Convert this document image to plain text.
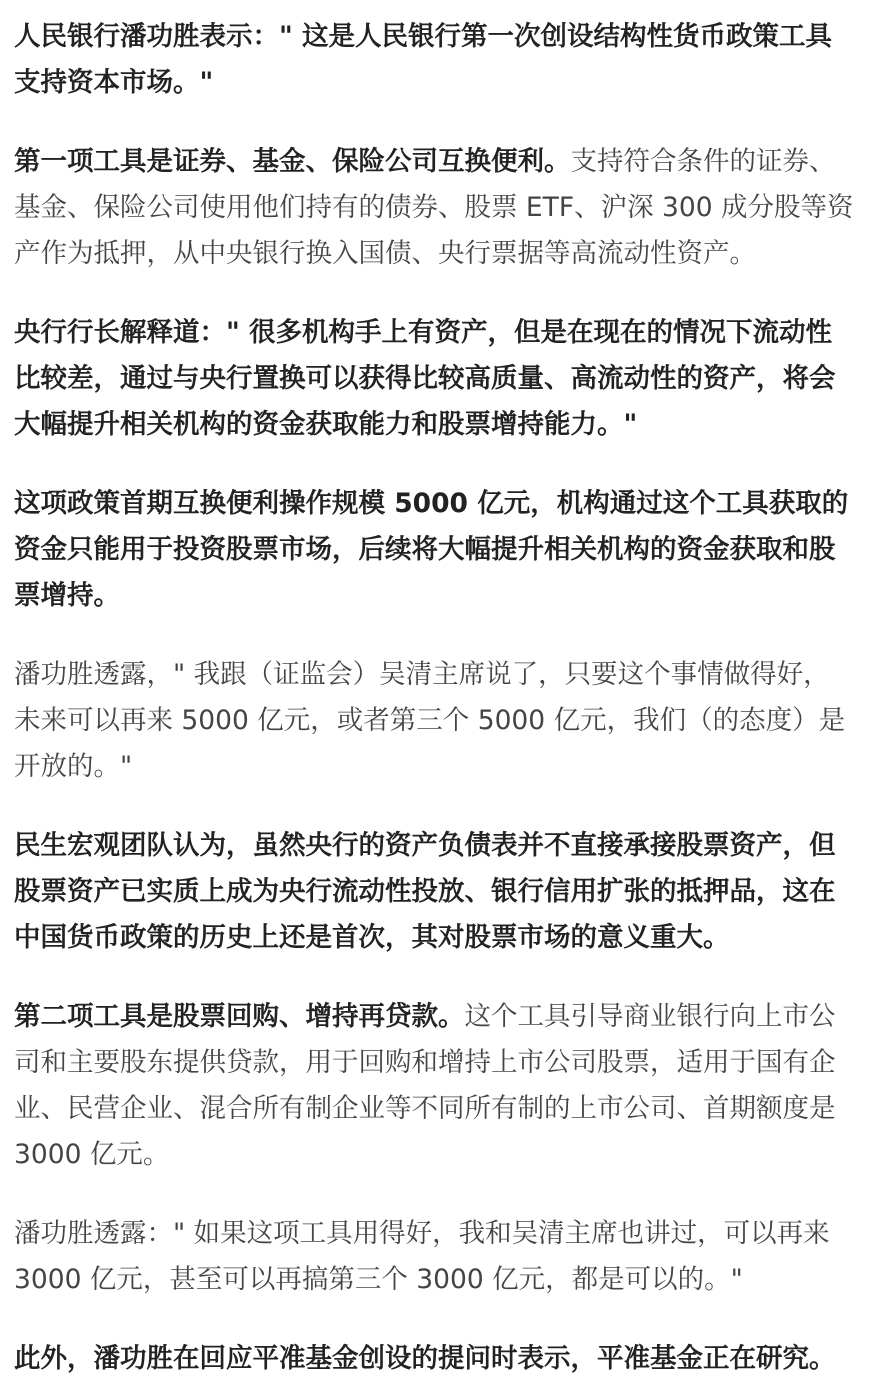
人民银行潘功胜表示：" 这是人民银行第一次创设结构性货币政策工具支持资本市场。"

第一项工具是证券、基金、保险公司互换便利。支持符合条件的证券、基金、保险公司使用他们持有的债券、股票 ETF、沪深 300 成分股等资产作为抵押，从中央银行换入国债、央行票据等高流动性资产。

央行行长解释道：" 很多机构手上有资产，但是在现在的情况下流动性比较差，通过与央行置换可以获得比较高质量、高流动性的资产，将会大幅提升相关机构的资金获取能力和股票增持能力。"

这项政策首期互换便利操作规模 5000 亿元，机构通过这个工具获取的资金只能用于投资股票市场，后续将大幅提升相关机构的资金获取和股票增持。

潘功胜透露，" 我跟（证监会）吴清主席说了，只要这个事情做得好，未来可以再来 5000 亿元，或者第三个 5000 亿元，我们（的态度）是开放的。"

民生宏观团队认为，虽然央行的资产负债表并不直接承接股票资产，但股票资产已实质上成为央行流动性投放、银行信用扩张的抵押品，这在中国货币政策的历史上还是首次，其对股票市场的意义重大。

第二项工具是股票回购、增持再贷款。这个工具引导商业银行向上市公司和主要股东提供贷款，用于回购和增持上市公司股票，适用于国有企业、民营企业、混合所有制企业等不同所有制的上市公司、首期额度是 3000 亿元。

潘功胜透露：" 如果这项工具用得好，我和吴清主席也讲过，可以再来 3000 亿元，甚至可以再搞第三个 3000 亿元，都是可以的。"

此外，潘功胜在回应平准基金创设的提问时表示，平准基金正在研究。
